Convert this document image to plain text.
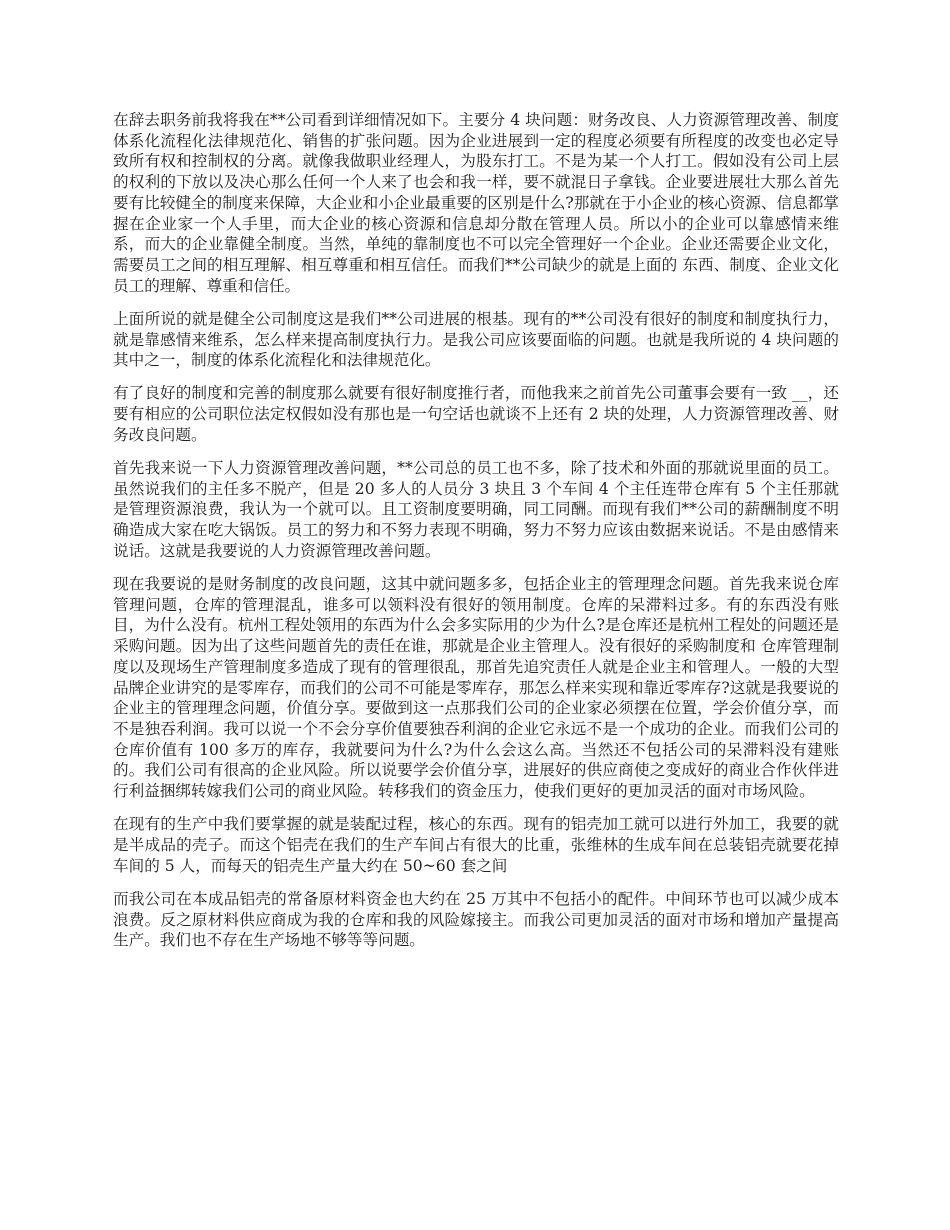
在辞去职务前我将我在**公司看到详细情况如下。主要分 4 块问题：财务改良、人力资源管理改善、制度体系化流程化法律规范化、销售的扩张问题。因为企业进展到一定的程度必须要有所程度的改变也必定导致所有权和控制权的分离。就像我做职业经理人，为股东打工。不是为某一个人打工。假如没有公司上层的权利的下放以及决心那么任何一个人来了也会和我一样，要不就混日子拿钱。企业要进展壮大那么首先要有比较健全的制度来保障，大企业和小企业最重要的区别是什么?那就在于小企业的核心资源、信息都掌握在企业家一个人手里，而大企业的核心资源和信息却分散在管理人员。所以小的企业可以靠感情来维系，而大的企业靠健全制度。当然，单纯的靠制度也不可以完全管理好一个企业。企业还需要企业文化，需要员工之间的相互理解、相互尊重和相互信任。而我们**公司缺少的就是上面的 东西、制度、企业文化员工的理解、尊重和信任。

上面所说的就是健全公司制度这是我们**公司进展的根基。现有的**公司没有很好的制度和制度执行力，就是靠感情来维系，怎么样来提高制度执行力。是我公司应该要面临的问题。也就是我所说的 4 块问题的其中之一，制度的体系化流程化和法律规范化。

有了良好的制度和完善的制度那么就要有很好制度推行者，而他我来之前首先公司董事会要有一致 __，还要有相应的公司职位法定权假如没有那也是一句空话也就谈不上还有 2 块的处理，人力资源管理改善、财务改良问题。

首先我来说一下人力资源管理改善问题，**公司总的员工也不多，除了技术和外面的那就说里面的员工。虽然说我们的主任多不脱产，但是 20 多人的人员分 3 块且 3 个车间 4 个主任连带仓库有 5 个主任那就是管理资源浪费，我认为一个就可以。且工资制度要明确，同工同酬。而现有我们**公司的薪酬制度不明确造成大家在吃大锅饭。员工的努力和不努力表现不明确，努力不努力应该由数据来说话。不是由感情来说话。这就是我要说的人力资源管理改善问题。

现在我要说的是财务制度的改良问题，这其中就问题多多，包括企业主的管理理念问题。首先我来说仓库管理问题，仓库的管理混乱，谁多可以领料没有很好的领用制度。仓库的呆滞料过多。有的东西没有账目，为什么没有。杭州工程处领用的东西为什么会多实际用的少为什么?是仓库还是杭州工程处的问题还是采购问题。因为出了这些问题首先的责任在谁，那就是企业主管理人。没有很好的采购制度和 仓库管理制度以及现场生产管理制度多造成了现有的管理很乱，那首先追究责任人就是企业主和管理人。一般的大型品牌企业讲究的是零库存，而我们的公司不可能是零库存，那怎么样来实现和靠近零库存?这就是我要说的企业主的管理理念问题，价值分享。要做到这一点那我们公司的企业家必须摆在位置，学会价值分享，而不是独吞利润。我可以说一个不会分享价值要独吞利润的企业它永远不是一个成功的企业。而我们公司的仓库价值有 100 多万的库存，我就要问为什么?为什么会这么高。当然还不包括公司的呆滞料没有建账的。我们公司有很高的企业风险。所以说要学会价值分享，进展好的供应商使之变成好的商业合作伙伴进行利益捆绑转嫁我们公司的商业风险。转移我们的资金压力，使我们更好的更加灵活的面对市场风险。

在现有的生产中我们要掌握的就是装配过程，核心的东西。现有的铝壳加工就可以进行外加工，我要的就是半成品的壳子。而这个铝壳在我们的生产车间占有很大的比重，张维林的生成车间在总装铝壳就要花掉车间的 5 人，而每天的铝壳生产量大约在 50~60 套之间

而我公司在本成品铝壳的常备原材料资金也大约在 25 万其中不包括小的配件。中间环节也可以减少成本浪费。反之原材料供应商成为我的仓库和我的风险嫁接主。而我公司更加灵活的面对市场和增加产量提高生产。我们也不存在生产场地不够等等问题。
